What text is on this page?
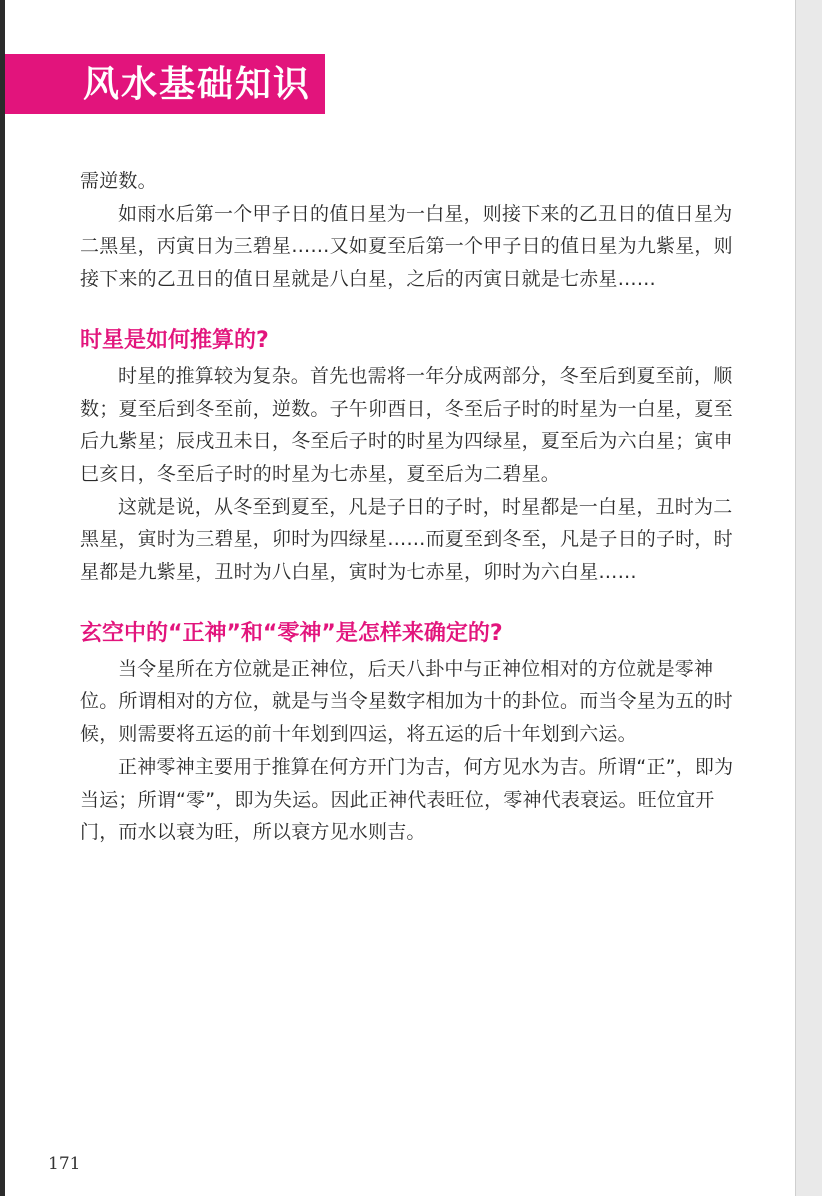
风水基础知识

需逆数。

如雨水后第一个甲子日的值日星为一白星，则接下来的乙丑日的值日星为二黑星，丙寅日为三碧星……又如夏至后第一个甲子日的值日星为九紫星，则接下来的乙丑日的值日星就是八白星，之后的丙寅日就是七赤星……

时星是如何推算的?

时星的推算较为复杂。首先也需将一年分成两部分，冬至后到夏至前，顺数；夏至后到冬至前，逆数。子午卯酉日，冬至后子时的时星为一白星，夏至后九紫星；辰戌丑未日，冬至后子时的时星为四绿星，夏至后为六白星；寅申巳亥日，冬至后子时的时星为七赤星，夏至后为二碧星。

这就是说，从冬至到夏至，凡是子日的子时，时星都是一白星，丑时为二黑星，寅时为三碧星，卯时为四绿星……而夏至到冬至，凡是子日的子时，时星都是九紫星，丑时为八白星，寅时为七赤星，卯时为六白星……

玄空中的“正神”和“零神”是怎样来确定的?

当令星所在方位就是正神位，后天八卦中与正神位相对的方位就是零神位。所谓相对的方位，就是与当令星数字相加为十的卦位。而当令星为五的时候，则需要将五运的前十年划到四运，将五运的后十年划到六运。

正神零神主要用于推算在何方开门为吉，何方见水为吉。所谓“正”，即为当运；所谓“零”，即为失运。因此正神代表旺位，零神代表衰运。旺位宜开门，而水以衰为旺，所以衰方见水则吉。

171
